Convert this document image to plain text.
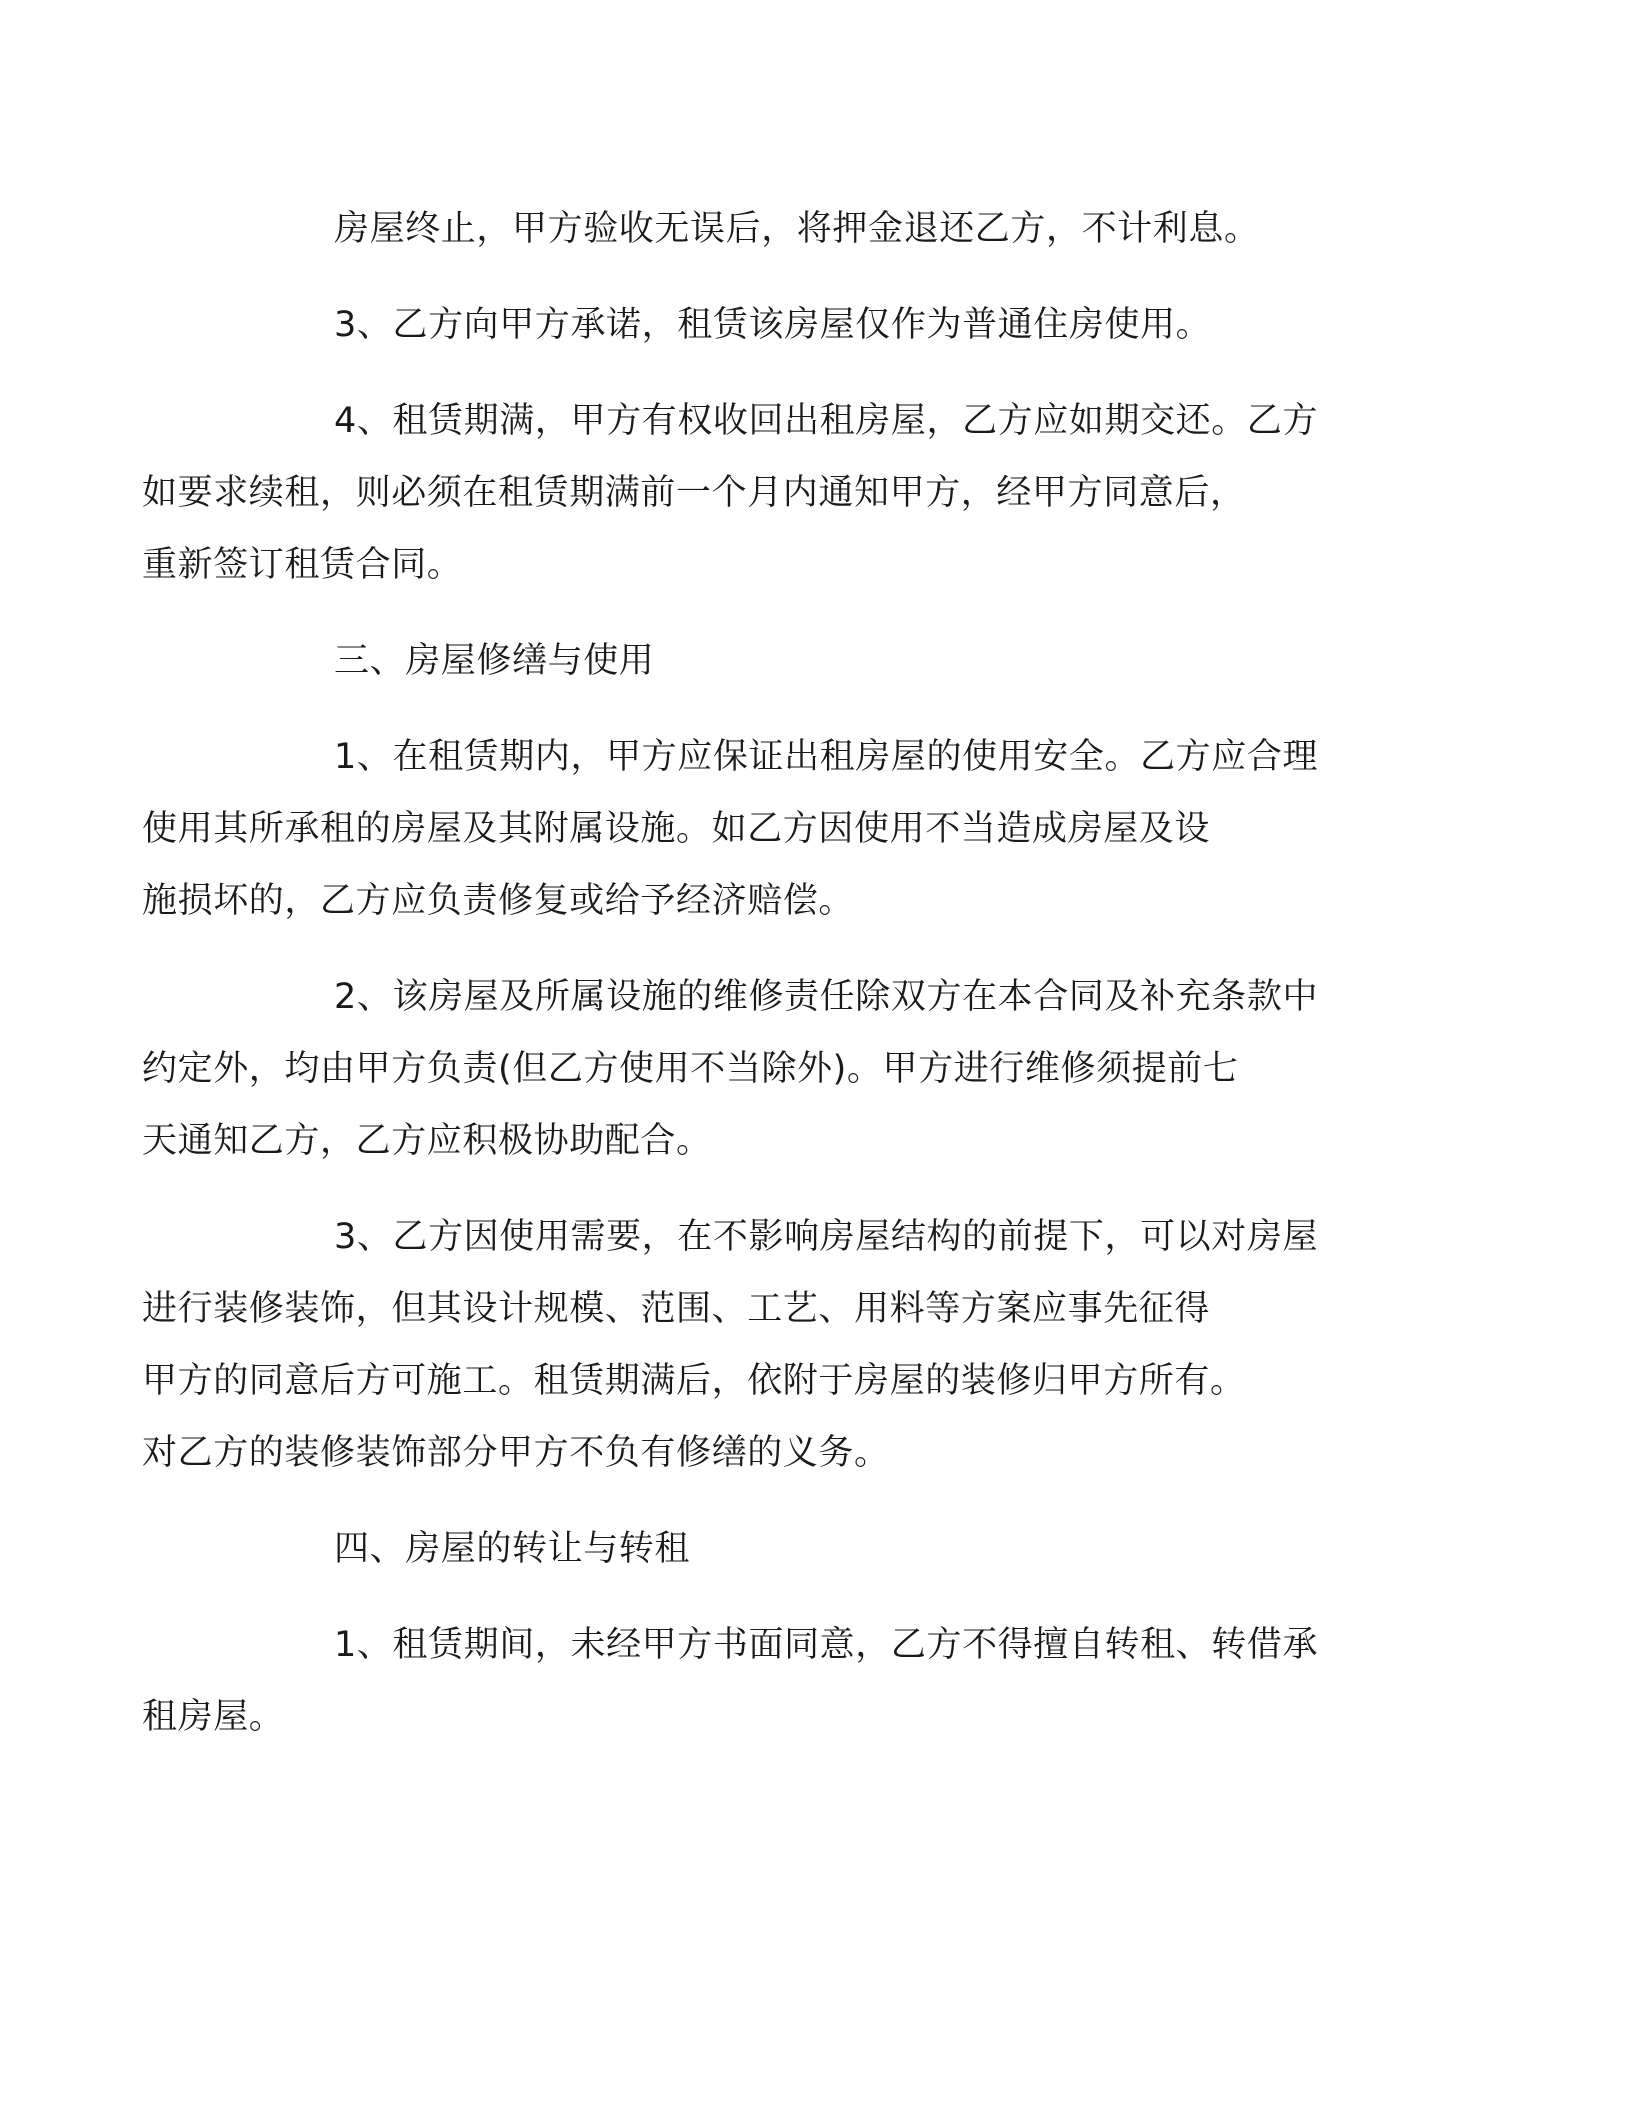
房屋终止，甲方验收无误后，将押金退还乙方，不计利息。

3、乙方向甲方承诺，租赁该房屋仅作为普通住房使用。

4、租赁期满，甲方有权收回出租房屋，乙方应如期交还。乙方
如要求续租，则必须在租赁期满前一个月内通知甲方，经甲方同意后，
重新签订租赁合同。

三、房屋修缮与使用

1、在租赁期内，甲方应保证出租房屋的使用安全。乙方应合理
使用其所承租的房屋及其附属设施。如乙方因使用不当造成房屋及设
施损坏的，乙方应负责修复或给予经济赔偿。

2、该房屋及所属设施的维修责任除双方在本合同及补充条款中
约定外，均由甲方负责(但乙方使用不当除外)。甲方进行维修须提前七
天通知乙方，乙方应积极协助配合。

3、乙方因使用需要，在不影响房屋结构的前提下，可以对房屋
进行装修装饰，但其设计规模、范围、工艺、用料等方案应事先征得
甲方的同意后方可施工。租赁期满后，依附于房屋的装修归甲方所有。
对乙方的装修装饰部分甲方不负有修缮的义务。

四、房屋的转让与转租

1、租赁期间，未经甲方书面同意，乙方不得擅自转租、转借承
租房屋。
